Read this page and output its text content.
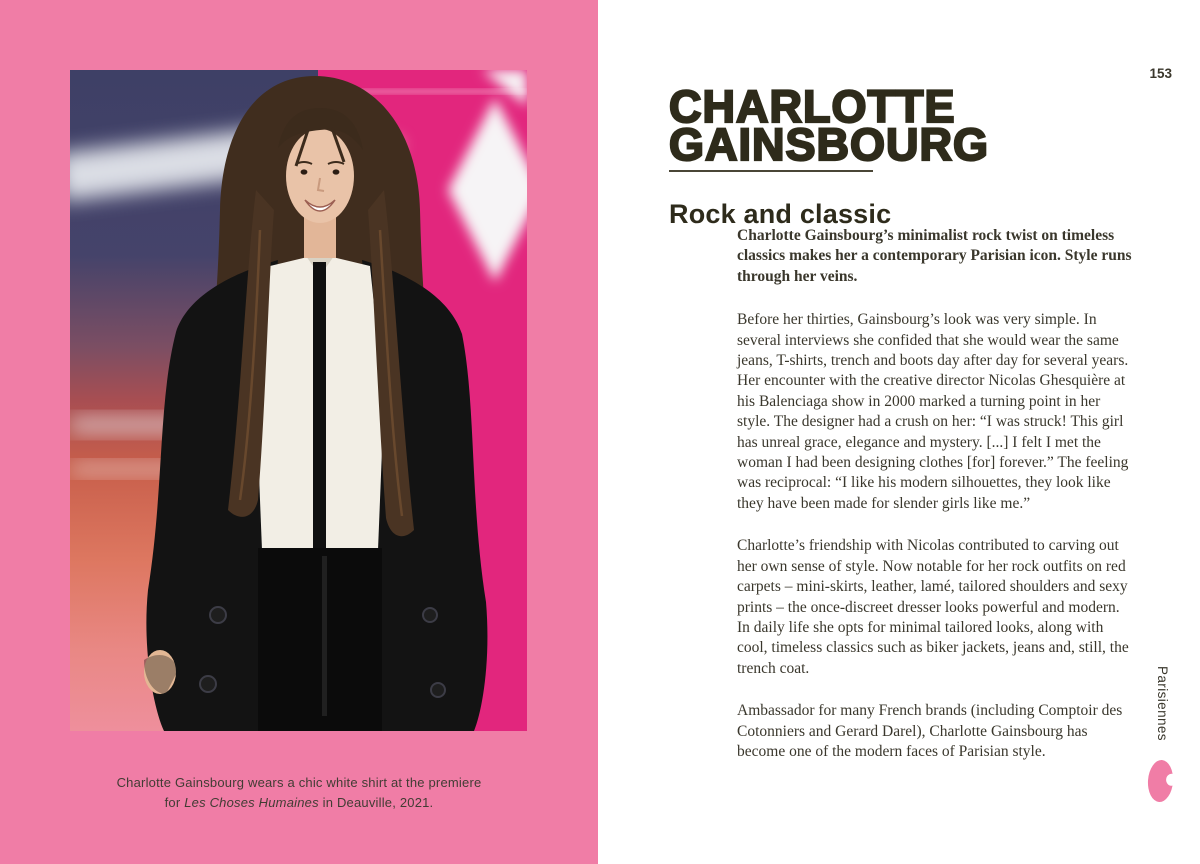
Charlotte Gainsbourg wears a chic white shirt at the premiere
for Les Choses Humaines in Deauville, 2021.

153
CHARLOTTE
GAINSBOURG
Rock and classic

Charlotte Gainsbourg’s minimalist rock twist on timeless classics makes her a contemporary Parisian icon. Style runs through her veins.

Before her thirties, Gainsbourg’s look was very simple. In several interviews she confided that she would wear the same jeans, T-shirts, trench and boots day after day for several years. Her encounter with the creative director Nicolas Ghesquière at his Balenciaga show in 2000 marked a turning point in her style. The designer had a crush on her: “I was struck! This girl has unreal grace, elegance and mystery. [...] I felt I met the woman I had been designing clothes [for] forever.” The feeling was reciprocal: “I like his modern silhouettes, they look like they have been made for slender girls like me.”

Charlotte’s friendship with Nicolas contributed to carving out her own sense of style. Now notable for her rock outfits on red carpets – mini-skirts, leather, lamé, tailored shoulders and sexy prints – the once-discreet dresser looks powerful and modern. In daily life she opts for minimal tailored looks, along with cool, timeless classics such as biker jackets, jeans and, still, the trench coat.

Ambassador for many French brands (including Comptoir des Cotonniers and Gerard Darel), Charlotte Gainsbourg has become one of the modern faces of Parisian style.

Parisiennes
